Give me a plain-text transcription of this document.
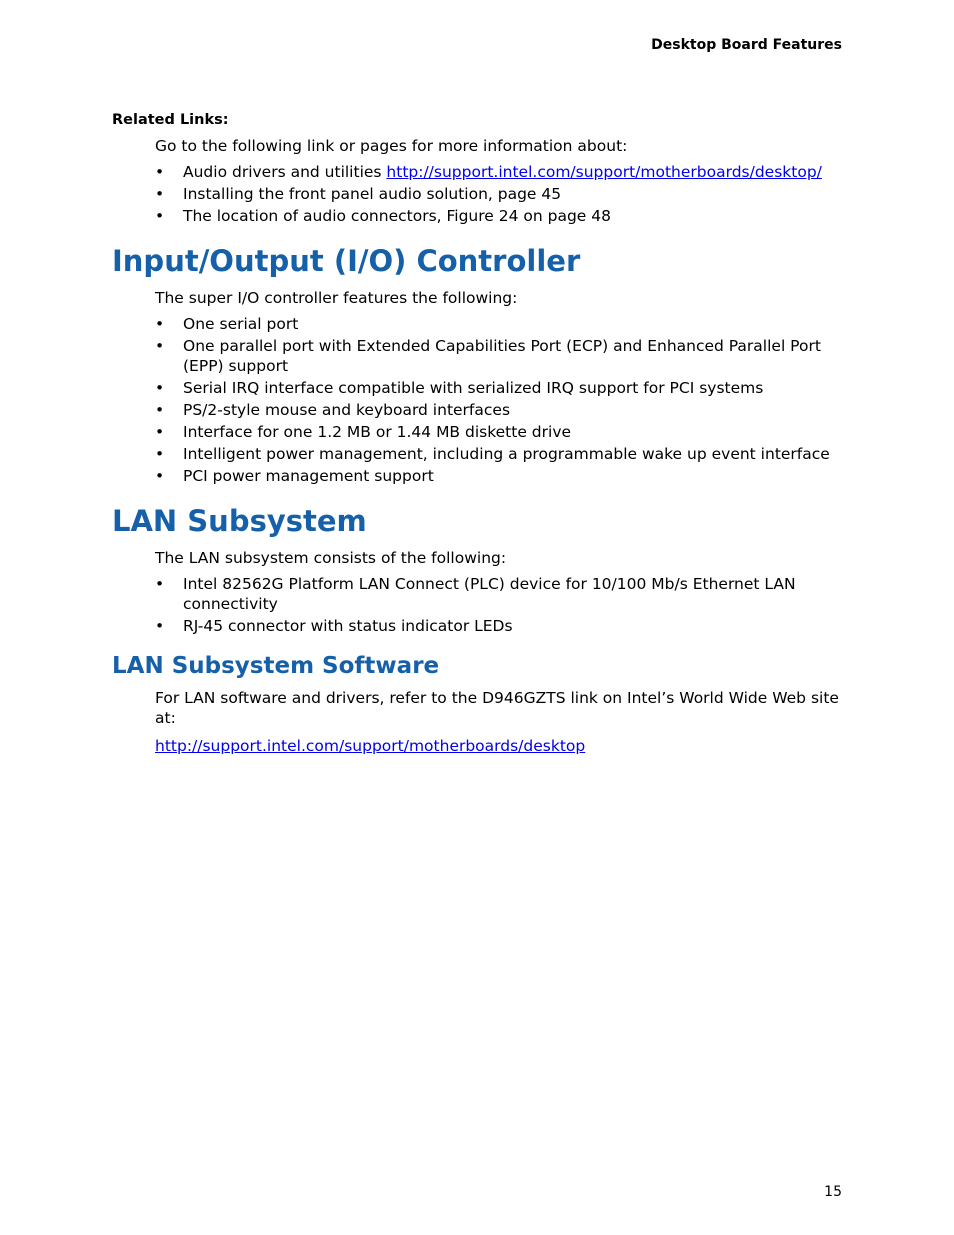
Desktop Board Features
Related Links:

Go to the following link or pages for more information about:

• Audio drivers and utilities http://support.intel.com/support/motherboards/desktop/
• Installing the front panel audio solution, page 45
• The location of audio connectors, Figure 24 on page 48
Input/Output (I/O) Controller

The super I/O controller features the following:

• One serial port
• One parallel port with Extended Capabilities Port (ECP) and Enhanced Parallel Port (EPP) support
• Serial IRQ interface compatible with serialized IRQ support for PCI systems
• PS/2-style mouse and keyboard interfaces
• Interface for one 1.2 MB or 1.44 MB diskette drive
• Intelligent power management, including a programmable wake up event interface
• PCI power management support
LAN Subsystem

The LAN subsystem consists of the following:

• Intel 82562G Platform LAN Connect (PLC) device for 10/100 Mb/s Ethernet LAN connectivity
• RJ-45 connector with status indicator LEDs
LAN Subsystem Software

For LAN software and drivers, refer to the D946GZTS link on Intel’s World Wide Web site at:

http://support.intel.com/support/motherboards/desktop

15
